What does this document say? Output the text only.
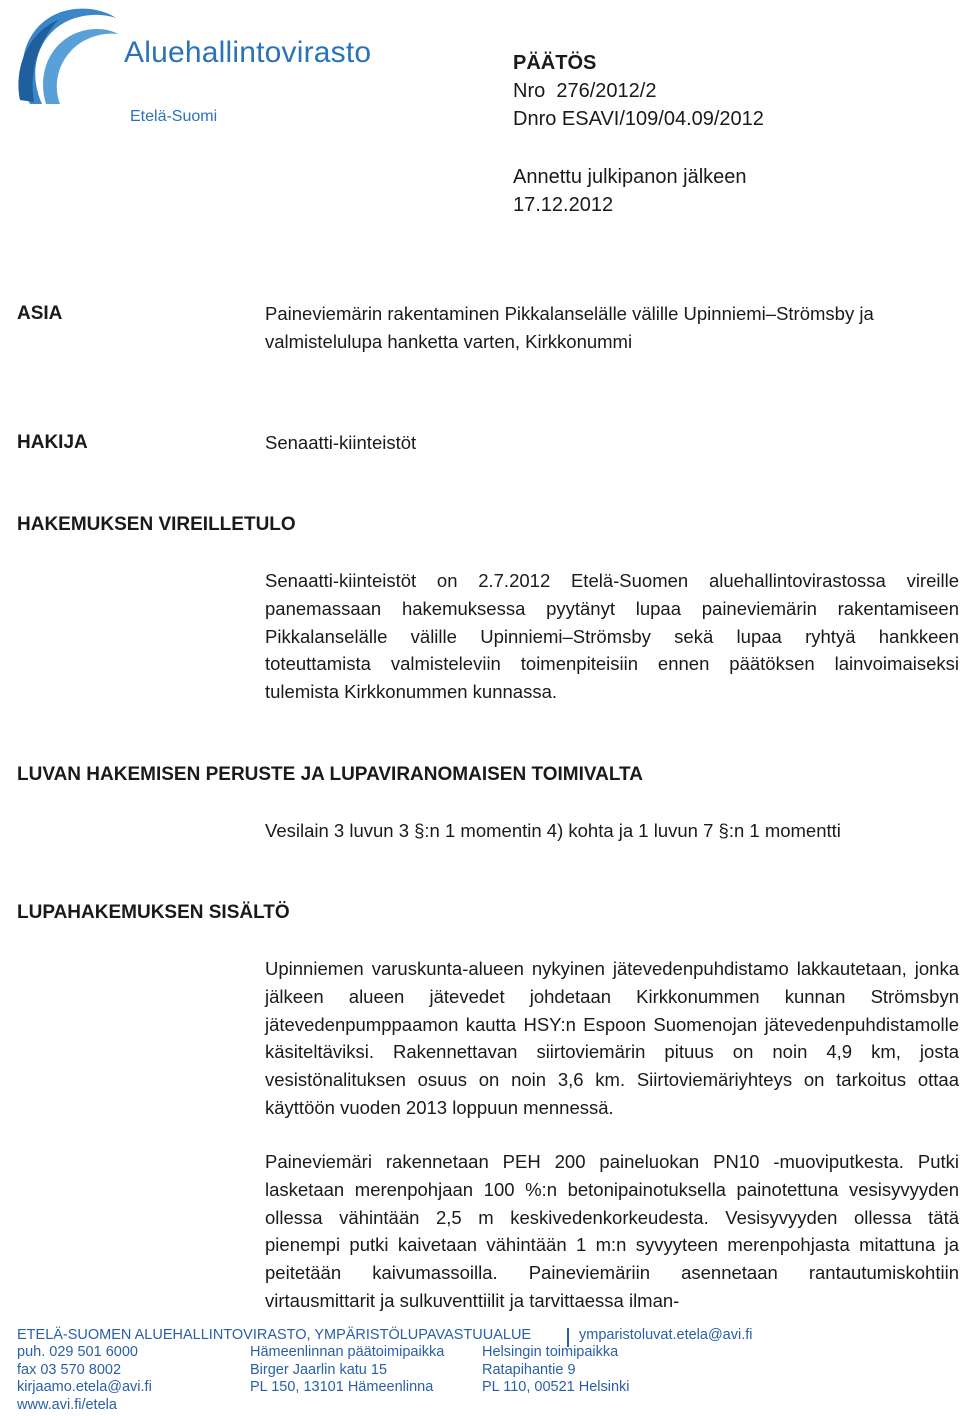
Aluehallintovirasto
Etelä-Suomi
PÄÄTÖS
Nro  276/2012/2
Dnro ESAVI/109/04.09/2012
Annettu julkipanon jälkeen
17.12.2012
ASIA	Paineviemärin rakentaminen Pikkalanselälle välille Upinniemi–Strömsby ja valmistelulupa hanketta varten, Kirkkonummi
HAKIJA	Senaatti-kiinteistöt
HAKEMUKSEN VIREILLETULO
Senaatti-kiinteistöt on 2.7.2012 Etelä-Suomen aluehallintovirastossa vireille panemassaan hakemuksessa pyytänyt lupaa paineviemärin rakentamiseen Pikkalanselälle välille Upinniemi–Strömsby sekä lupaa ryhtyä hankkeen toteuttamista valmisteleviin toimenpiteisiin ennen päätöksen lainvoimaiseksi tulemista Kirkkonummen kunnassa.
LUVAN HAKEMISEN PERUSTE JA LUPAVIRANOMAISEN TOIMIVALTA
Vesilain 3 luvun 3 §:n 1 momentin 4) kohta ja 1 luvun 7 §:n 1 momentti
LUPAHAKEMUKSEN SISÄLTÖ
Upinniemen varuskunta-alueen nykyinen jätevedenpuhdistamo lakkautetaan, jonka jälkeen alueen jätevedet johdetaan Kirkkonummen kunnan Strömsbyn jätevedenpumppaamon kautta HSY:n Espoon Suomenojan jätevedenpuhdistamolle käsiteltäviksi. Rakennettavan siirtoviemärin pituus on noin 4,9 km, josta vesistönalituksen osuus on noin 3,6 km. Siirtoviemäriyhteys on tarkoitus ottaa käyttöön vuoden 2013 loppuun mennessä.
Paineviemäri rakennetaan PEH 200 paineluokan PN10 -muoviputkesta. Putki lasketaan merenpohjaan 100 %:n betonipainotuksella painotettuna vesisyvyyden ollessa vähintään 2,5 m keskivedenkorkeudesta. Vesisyvyyden ollessa tätä pienempi putki kaivetaan vähintään 1 m:n syvyyteen merenpohjasta mitattuna ja peitetään kaivumassoilla. Paineviemäriin asennetaan rantautumiskohtiin virtausmittarit ja sulkuventtiilit ja tarvittaessa ilman-
ETELÄ-SUOMEN ALUEHALLINTOVIRASTO, YMPÄRISTÖLUPAVASTUUALUE	ymparistoluvat.etela@avi.fi
puh. 029 501 6000
fax 03 570 8002
kirjaamo.etela@avi.fi
www.avi.fi/etela
Hämeenlinnan päätoimipaikka
Birger Jaarlin katu 15
PL 150, 13101 Hämeenlinna
Helsingin toimipaikka
Ratapihantie 9
PL 110, 00521 Helsinki
